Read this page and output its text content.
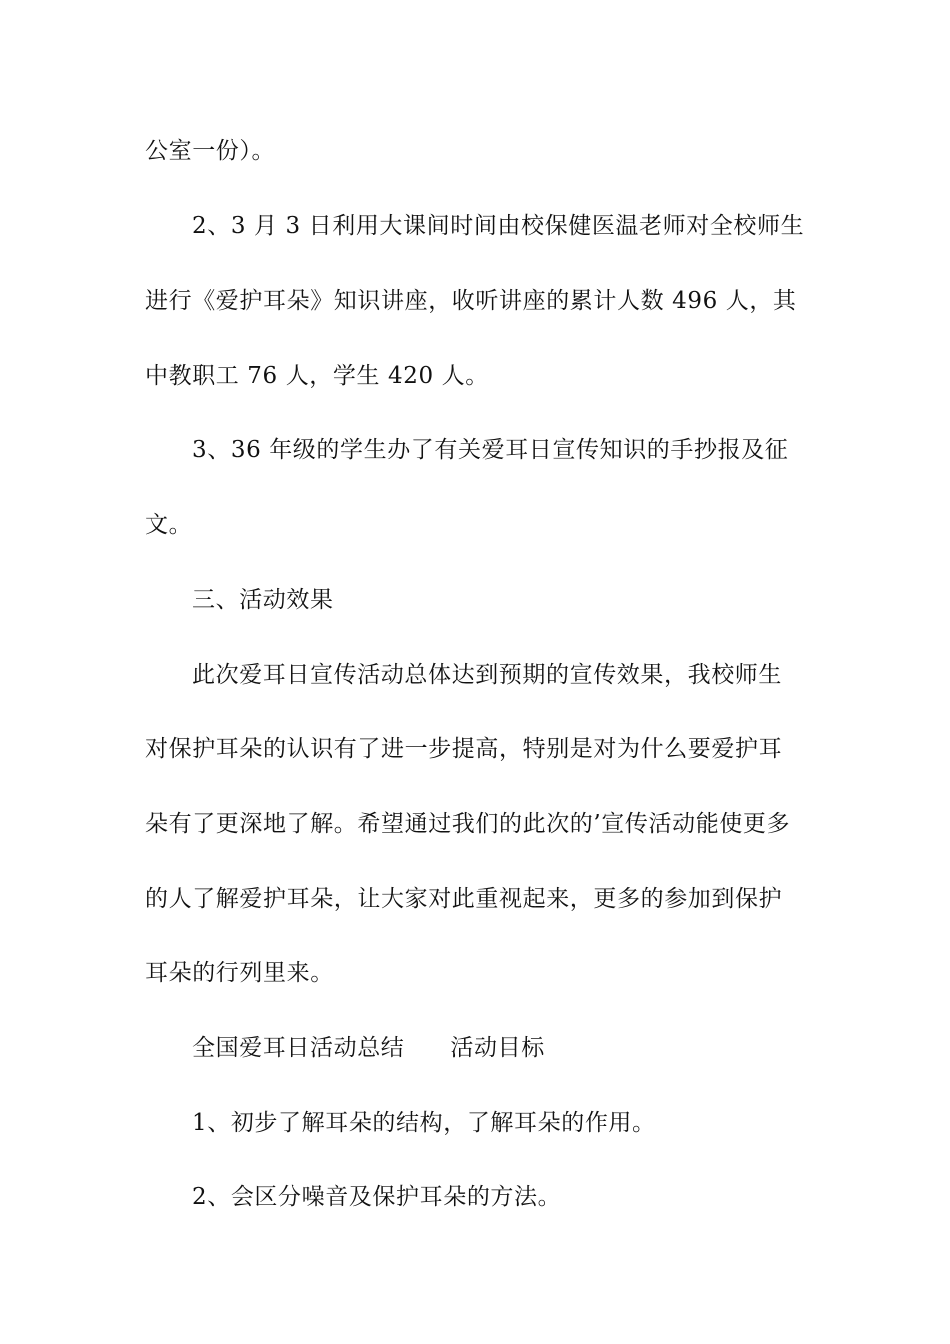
公室一份）。
2、3 月 3 日利用大课间时间由校保健医温老师对全校师生
进行《爱护耳朵》知识讲座，收听讲座的累计人数 496 人，其
中教职工 76 人，学生 420 人。
3、36 年级的学生办了有关爱耳日宣传知识的手抄报及征
文。
三、活动效果
此次爱耳日宣传活动总体达到预期的宣传效果，我校师生
对保护耳朵的认识有了进一步提高，特别是对为什么要爱护耳
朵有了更深地了解。希望通过我们的此次的’宣传活动能使更多
的人了解爱护耳朵，让大家对此重视起来，更多的参加到保护
耳朵的行列里来。
全国爱耳日活动总结 活动目标
1、初步了解耳朵的结构，了解耳朵的作用。
2、会区分噪音及保护耳朵的方法。
